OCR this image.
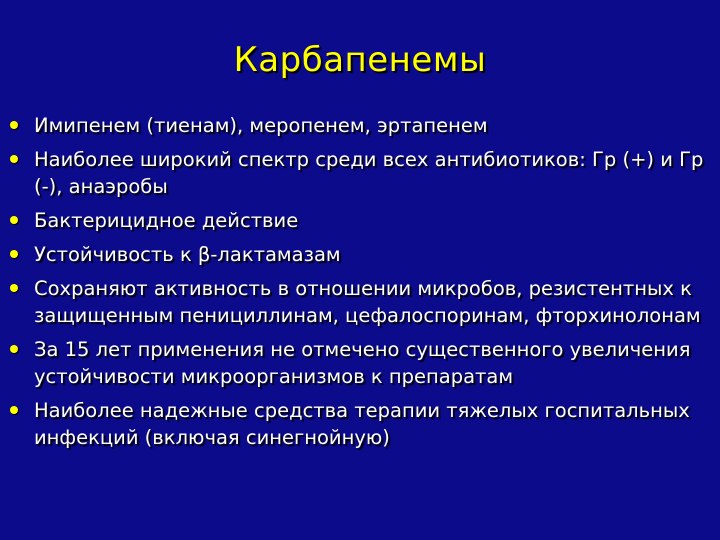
Карбапенемы
Имипенем (тиенам), меропенем, эртапенем
Наиболее широкий спектр среди всех антибиотиков: Гр (+) и Гр (-), анаэробы
Бактерицидное действие
Устойчивость к β-лактамазам
Сохраняют активность в отношении микробов, резистентных к защищенным пенициллинам, цефалоспоринам, фторхинолонам
За 15 лет применения не отмечено существенного увеличения устойчивости микроорганизмов к препаратам
Наиболее надежные средства терапии тяжелых госпитальных инфекций (включая синегнойную)
